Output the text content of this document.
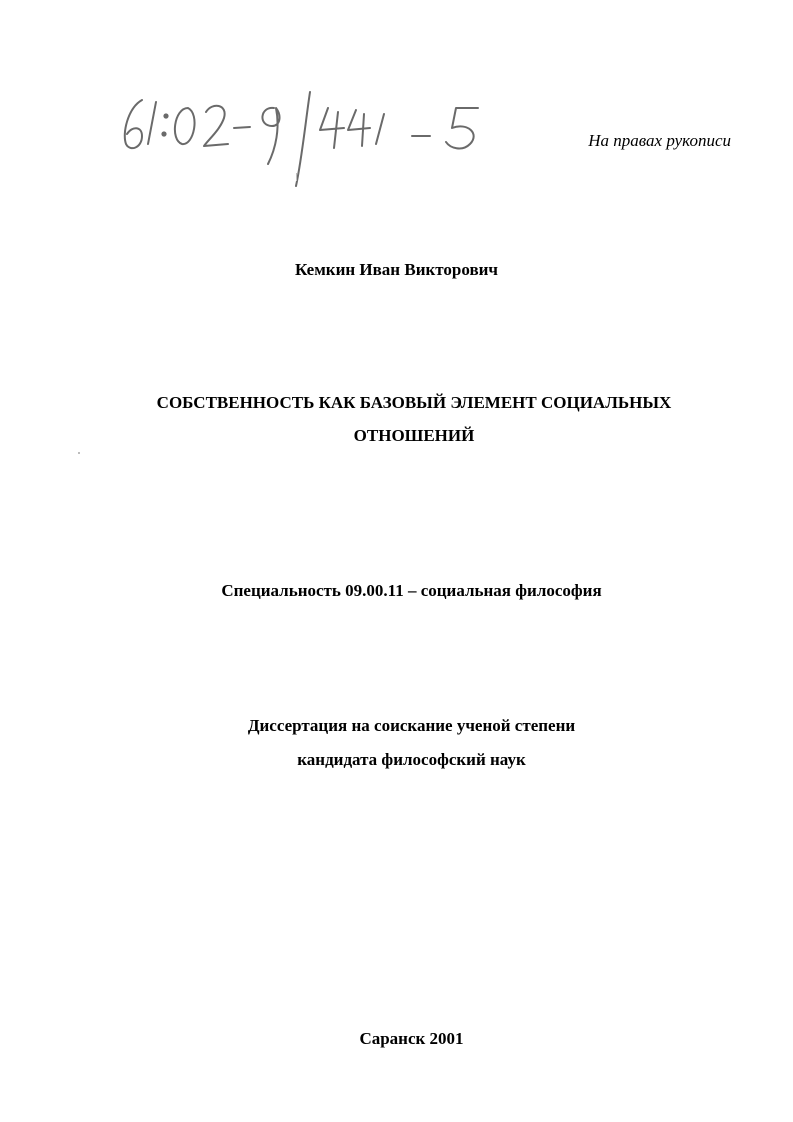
На правах рукописи
Кемкин Иван Викторович
СОБСТВЕННОСТЬ КАК БАЗОВЫЙ ЭЛЕМЕНТ СОЦИАЛЬНЫХ
ОТНОШЕНИЙ
Специальность 09.00.11 – социальная философия
Диссертация на соискание ученой степени
кандидата философский наук
Саранск 2001
